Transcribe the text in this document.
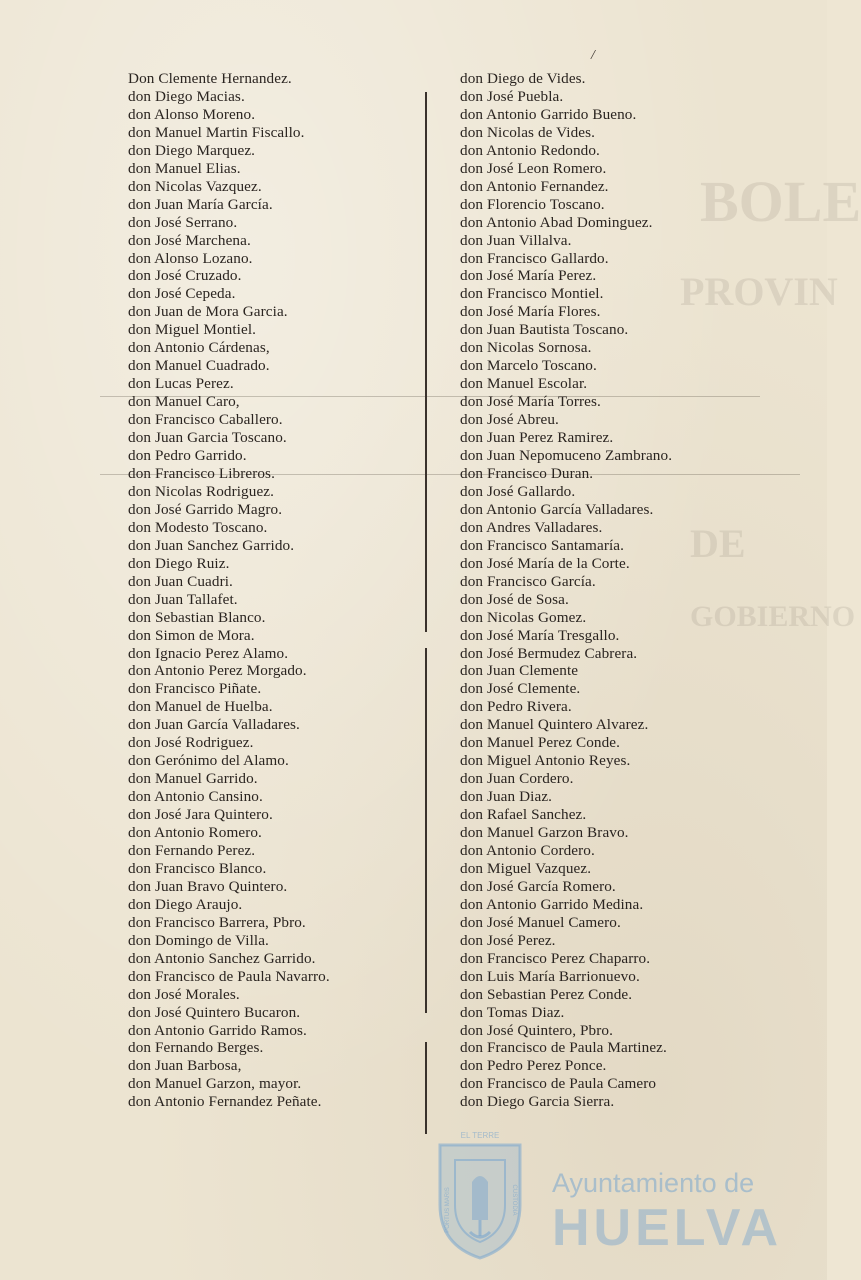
BOLE
PROVIN
DE
GOBIERNO
/
Don Clemente Hernandez.
don Diego Macias.
don Alonso Moreno.
don Manuel Martin Fiscallo.
don Diego Marquez.
don Manuel Elias.
don Nicolas Vazquez.
don Juan María García.
don José Serrano.
don José Marchena.
don Alonso Lozano.
don José Cruzado.
don José Cepeda.
don Juan de Mora Garcia.
don Miguel Montiel.
don Antonio Cárdenas,
don Manuel Cuadrado.
don Lucas Perez.
don Manuel Caro,
don Francisco Caballero.
don Juan Garcia Toscano.
don Pedro Garrido.
don Francisco Libreros.
don Nicolas Rodriguez.
don José Garrido Magro.
don Modesto Toscano.
don Juan Sanchez Garrido.
don Diego Ruiz.
don Juan Cuadri.
don Juan Tallafet.
don Sebastian Blanco.
don Simon de Mora.
don Ignacio Perez Alamo.
don Antonio Perez Morgado.
don Francisco Piñate.
don Manuel de Huelba.
don Juan García Valladares.
don José Rodriguez.
don Gerónimo del Alamo.
don Manuel Garrido.
don Antonio Cansino.
don José Jara Quintero.
don Antonio Romero.
don Fernando Perez.
don Francisco Blanco.
don Juan Bravo Quintero.
don Diego Araujo.
don Francisco Barrera, Pbro.
don Domingo de Villa.
don Antonio Sanchez Garrido.
don Francisco de Paula Navarro.
don José Morales.
don José Quintero Bucaron.
don Antonio Garrido Ramos.
don Fernando Berges.
don Juan Barbosa,
don Manuel Garzon, mayor.
don Antonio Fernandez Peñate.
don Diego de Vides.
don José Puebla.
don Antonio Garrido Bueno.
don Nicolas de Vides.
don Antonio Redondo.
don José Leon Romero.
don Antonio Fernandez.
don Florencio Toscano.
don Antonio Abad Dominguez.
don Juan Villalva.
don Francisco Gallardo.
don José María Perez.
don Francisco Montiel.
don José María Flores.
don Juan Bautista Toscano.
don Nicolas Sornosa.
don Marcelo Toscano.
don Manuel Escolar.
don José María Torres.
don José Abreu.
don Juan Perez Ramirez.
don Juan Nepomuceno Zambrano.
don Francisco Duran.
don José Gallardo.
don Antonio García Valladares.
don Andres Valladares.
don Francisco Santamaría.
don José María de la Corte.
don Francisco García.
don José de Sosa.
don Nicolas Gomez.
don José María Tresgallo.
don José Bermudez Cabrera.
don Juan Clemente
don José Clemente.
don Pedro Rivera.
don Manuel Quintero Alvarez.
don Manuel Perez Conde.
don Miguel Antonio Reyes.
don Juan Cordero.
don Juan Diaz.
don Rafael Sanchez.
don Manuel Garzon Bravo.
don Antonio Cordero.
don Miguel Vazquez.
don José García Romero.
don Antonio Garrido Medina.
don José Manuel Camero.
don José Perez.
don Francisco Perez Chaparro.
don Luis María Barrionuevo.
don Sebastian Perez Conde.
don Tomas Diaz.
don José Quintero, Pbro.
don Francisco de Paula Martinez.
don Pedro Perez Ponce.
don Francisco de Paula Camero
don Diego Garcia Sierra.
EL TERRE
PORTUS MARIS	CUSTODIA
Ayuntamiento de
HUELVA
